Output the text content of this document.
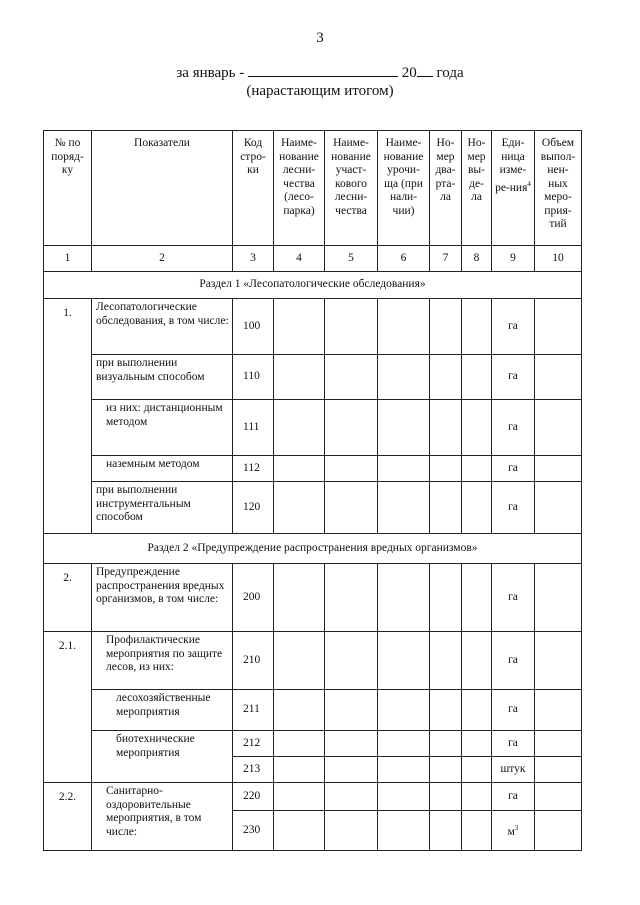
3
за январь -	20 года
(нарастающим итогом)
№ по поряд-ку	Показатели	Код стро-ки	Наиме-нование лесни-чества (лесо-парка)	Наиме-нование участ-кового лесни-чества	Наиме-нование урочи-ща (при нали-чии)	Но-мер два-рта-ла	Но-мер вы-де-ла	Еди-ница изме-ре-ния$^4$	Объем выпол-нен-ных меро-прия-тий
1	2	3	4	5	6	7	8	9	10
Раздел 1 «Лесопатологические обследования»									
1.	Лесопатологические обследования, в том числе:	100						га	
	при выполнении визуальным способом	110						га	
	из них: дистанционным методом	111						га	
	наземным методом	112						га	
	при выполнении инструментальным способом	120						га	
Раздел 2 «Предупреждение распространения вредных организмов»									
2.	Предупреждение распространения вредных организмов, в том числе:	200						га	
2.1.	Профилактические мероприятия по защите лесов, из них:	210						га	
	лесохозяйственные мероприятия	211						га	
	биотехнические мероприятия	212						га	
		213						штук	
2.2.	Санитарно-оздоровительные мероприятия, в том числе:	220						га	
		230						$м^3$	
